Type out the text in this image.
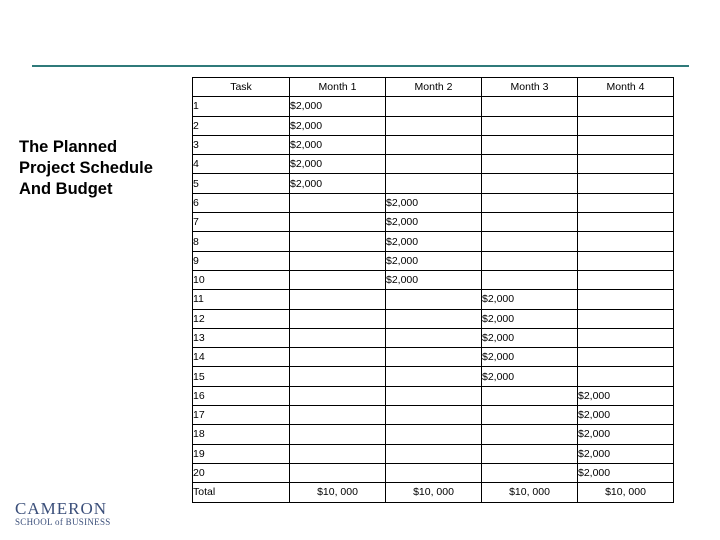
The Planned
Project Schedule
And Budget
Task	Month 1	Month 2	Month 3	Month 4
1	$2,000			
2	$2,000			
3	$2,000			
4	$2,000			
5	$2,000			
6		$2,000		
7		$2,000		
8		$2,000		
9		$2,000		
10		$2,000		
11			$2,000	
12			$2,000	
13			$2,000	
14			$2,000	
15			$2,000	
16				$2,000
17				$2,000
18				$2,000
19				$2,000
20				$2,000
Total	$10, 000	$10, 000	$10, 000	$10, 000
CAMERON
SCHOOL of BUSINESS
